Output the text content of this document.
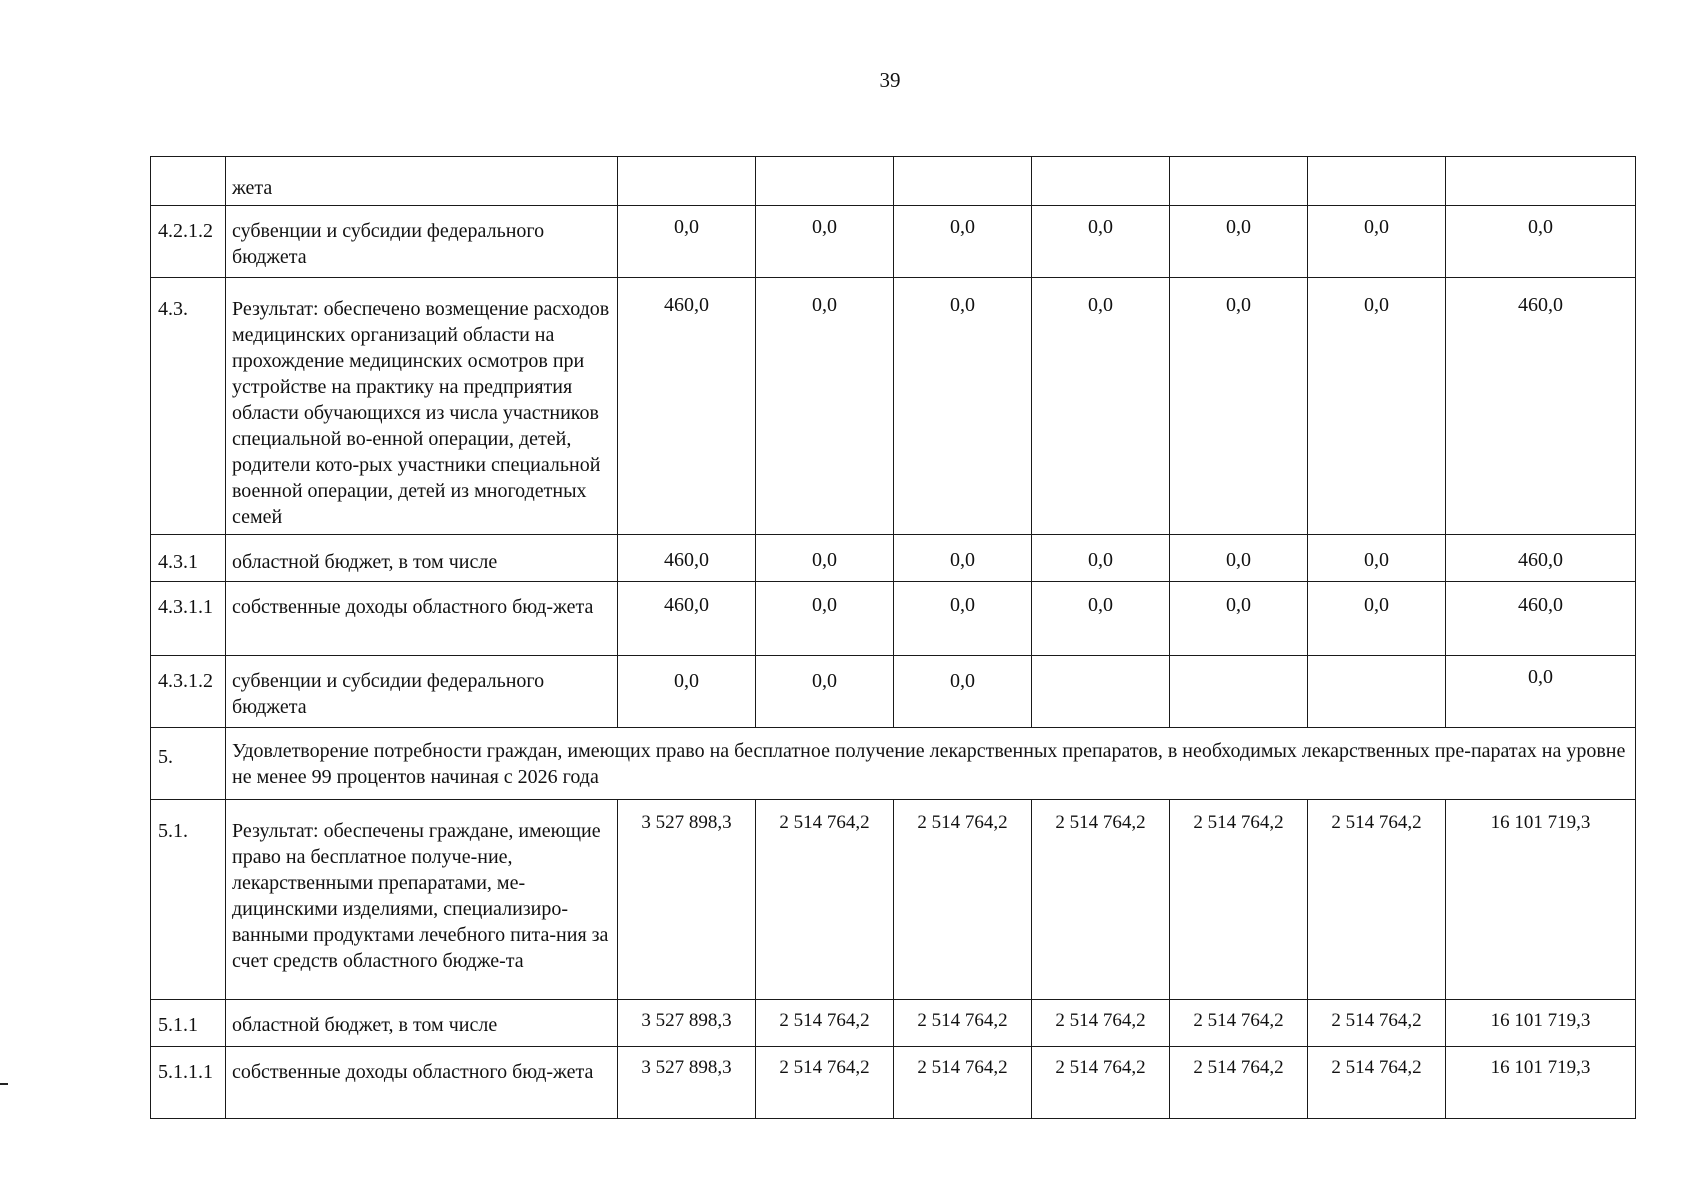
39
	жета							
4.2.1.2	субвенции и субсидии федерального бюджета	0,0	0,0	0,0	0,0	0,0	0,0	0,0
4.3.	Результат: обеспечено возмещение расходов медицинских организаций области на прохождение медицинских осмотров при устройстве на практику на предприятия области обучающихся из числа участников специальной во-енной операции, детей, родители кото-рых участники специальной военной операции, детей из многодетных семей	460,0	0,0	0,0	0,0	0,0	0,0	460,0
4.3.1	областной бюджет, в том числе	460,0	0,0	0,0	0,0	0,0	0,0	460,0
4.3.1.1	собственные доходы областного бюд-жета	460,0	0,0	0,0	0,0	0,0	0,0	460,0
4.3.1.2	субвенции и субсидии федерального бюджета	0,0	0,0	0,0				0,0
5.	Удовлетворение потребности граждан, имеющих право на бесплатное получение лекарственных препаратов, в необходимых лекарственных пре-паратах на уровне не менее 99 процентов начиная с 2026 года							
5.1.	Результат: обеспечены граждане, имеющие право на бесплатное получе-ние, лекарственными препаратами, ме-дицинскими изделиями, специализиро-ванными продуктами лечебного пита-ния за счет средств областного бюдже-та	3 527 898,3	2 514 764,2	2 514 764,2	2 514 764,2	2 514 764,2	2 514 764,2	16 101 719,3
5.1.1	областной бюджет, в том числе	3 527 898,3	2 514 764,2	2 514 764,2	2 514 764,2	2 514 764,2	2 514 764,2	16 101 719,3
5.1.1.1	собственные доходы областного бюд-жета	3 527 898,3	2 514 764,2	2 514 764,2	2 514 764,2	2 514 764,2	2 514 764,2	16 101 719,3
